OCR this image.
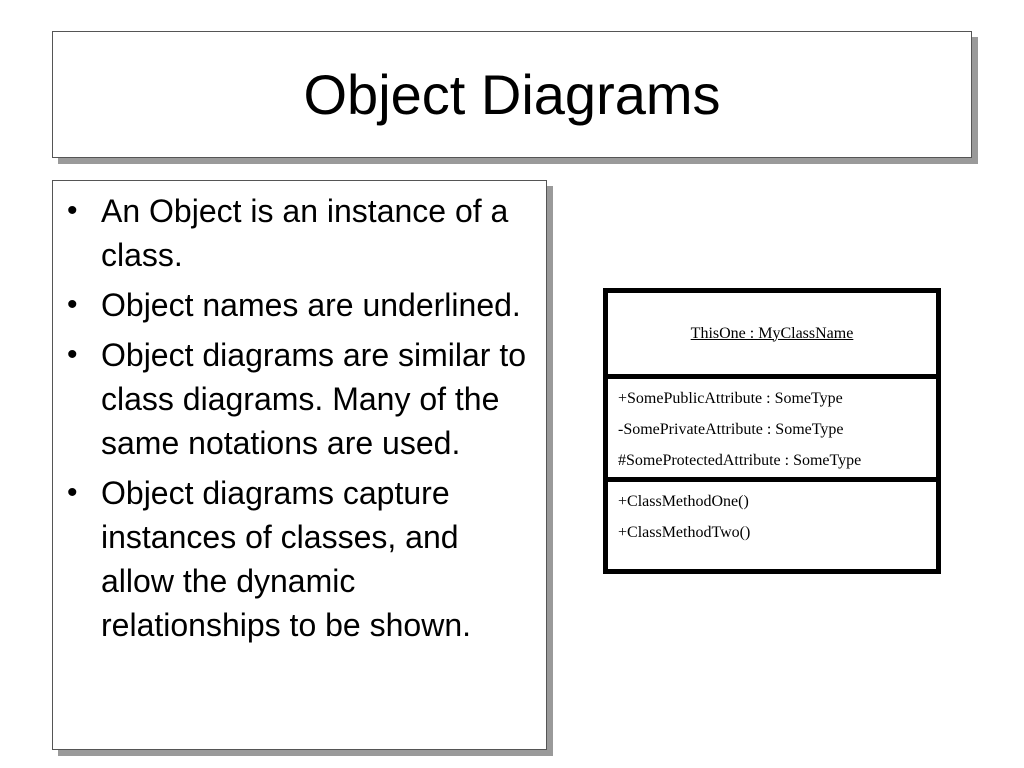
Object Diagrams
• An Object is an instance of a class.
• Object names are underlined.
• Object diagrams are similar to class diagrams. Many of the same notations are used.
• Object diagrams capture instances of classes, and allow the dynamic relationships to be shown.
ThisOne : MyClassName
+SomePublicAttribute : SomeType
-SomePrivateAttribute : SomeType
#SomeProtectedAttribute : SomeType
+ClassMethodOne()
+ClassMethodTwo()
